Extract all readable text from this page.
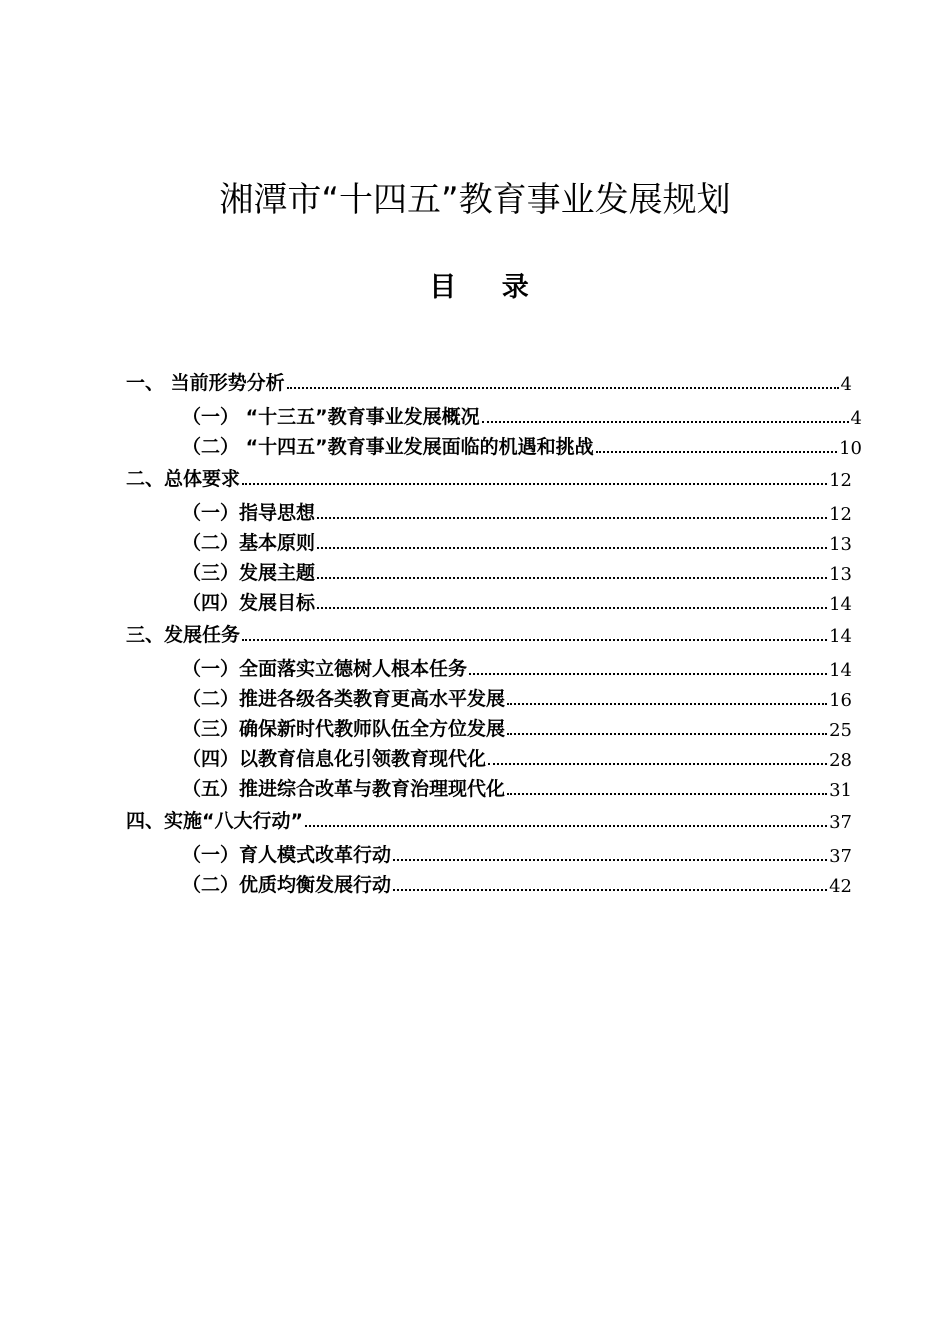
湘潭市“十四五”教育事业发展规划
目 录
一、 当前形势分析	4
（一） “十三五”教育事业发展概况	4
（二） “十四五”教育事业发展面临的机遇和挑战	10
二、总体要求	12
（一）指导思想	12
（二）基本原则	13
（三）发展主题	13
（四）发展目标	14
三、发展任务	14
（一）全面落实立德树人根本任务	14
（二）推进各级各类教育更高水平发展	16
（三）确保新时代教师队伍全方位发展	25
（四）以教育信息化引领教育现代化	28
（五）推进综合改革与教育治理现代化	31
四、实施“八大行动”	37
（一）育人模式改革行动	37
（二）优质均衡发展行动	42
